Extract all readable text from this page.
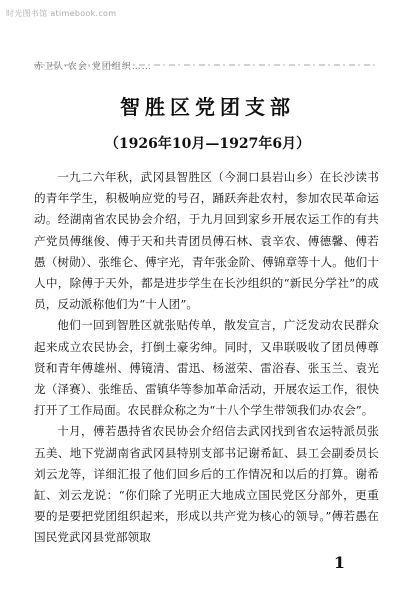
时光图书馆 atimebook.com
赤卫队·农会·党团组织……
智胜区党团支部
（1926年10月—1927年6月）

一九二六年秋，武冈县智胜区（今洞口县岩山乡）在长沙读书的青年学生，积极响应党的号召，踊跃奔赴农村，参加农民革命运动。经湖南省农民协会介绍，于九月回到家乡开展农运工作的有共产党员傅继俊、傅于天和共青团员傅石林、袁辛农、傅德馨、傅若愚（树勋）、张维仑、傅宇光，青年张金阶、傅锦章等十人。他们十人中，除傅于天外，都是进步学生在长沙组织的“新民分学社”的成员，反动派称他们为“十人团”。

他们一回到智胜区就张贴传单，散发宣言，广泛发动农民群众起来成立农民协会，打倒土豪劣绅。同时，又串联吸收了团员傅尊贤和青年傅雄州、傅镜清、雷迅、杨滋荣、雷浴春、张玉兰、袁光龙（泽赛）、张维岳、雷镇华等参加革命活动，开展农运工作，很快打开了工作局面。农民群众称之为“十八个学生带领我们办农会”。

十月，傅若愚持省农民协会介绍信去武冈找到省农运特派员张五美、地下党湖南省武冈县特别支部书记谢希缸、县工会副委员长刘云龙等，详细汇报了他们回乡后的工作情况和以后的打算。谢希缸、刘云龙说：“你们除了光明正大地成立国民党区分部外，更重要的是要把党团组织起来，形成以共产党为核心的领导。”傅若愚在国民党武冈县党部领取

1
